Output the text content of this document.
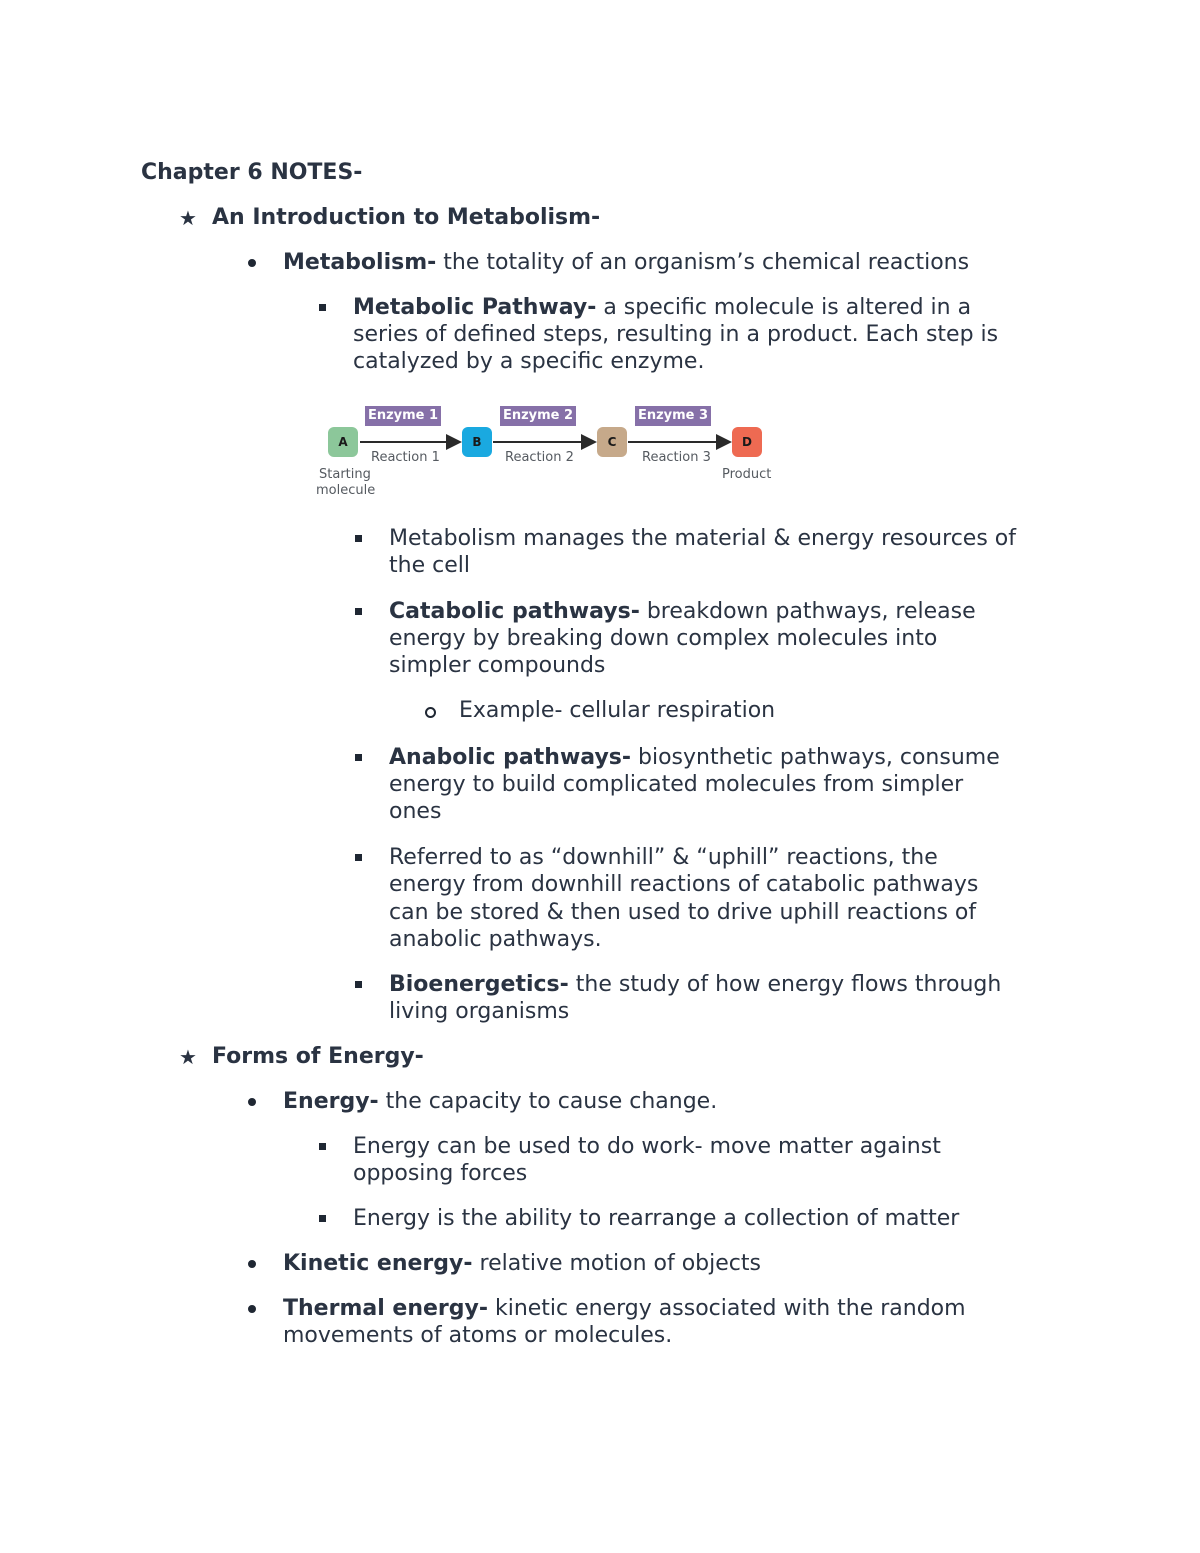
Chapter 6 NOTES-
★ An Introduction to Metabolism-
Metabolism- the totality of an organism’s chemical reactions
Metabolic Pathway- a specific molecule is altered in a
series of defined steps, resulting in a product. Each step is
catalyzed by a specific enzyme.
A	B	C	D
Enzyme 1	Enzyme 2	Enzyme 3
Reaction 1	Reaction 2	Reaction 3
Starting
molecule
Product
Metabolism manages the material & energy resources of
the cell
Catabolic pathways- breakdown pathways, release
energy by breaking down complex molecules into
simpler compounds
Example- cellular respiration
Anabolic pathways- biosynthetic pathways, consume
energy to build complicated molecules from simpler
ones
Referred to as “downhill” & “uphill” reactions, the
energy from downhill reactions of catabolic pathways
can be stored & then used to drive uphill reactions of
anabolic pathways.
Bioenergetics- the study of how energy flows through
living organisms
★ Forms of Energy-
Energy- the capacity to cause change.
Energy can be used to do work- move matter against
opposing forces
Energy is the ability to rearrange a collection of matter
Kinetic energy- relative motion of objects
Thermal energy- kinetic energy associated with the random
movements of atoms or molecules.
